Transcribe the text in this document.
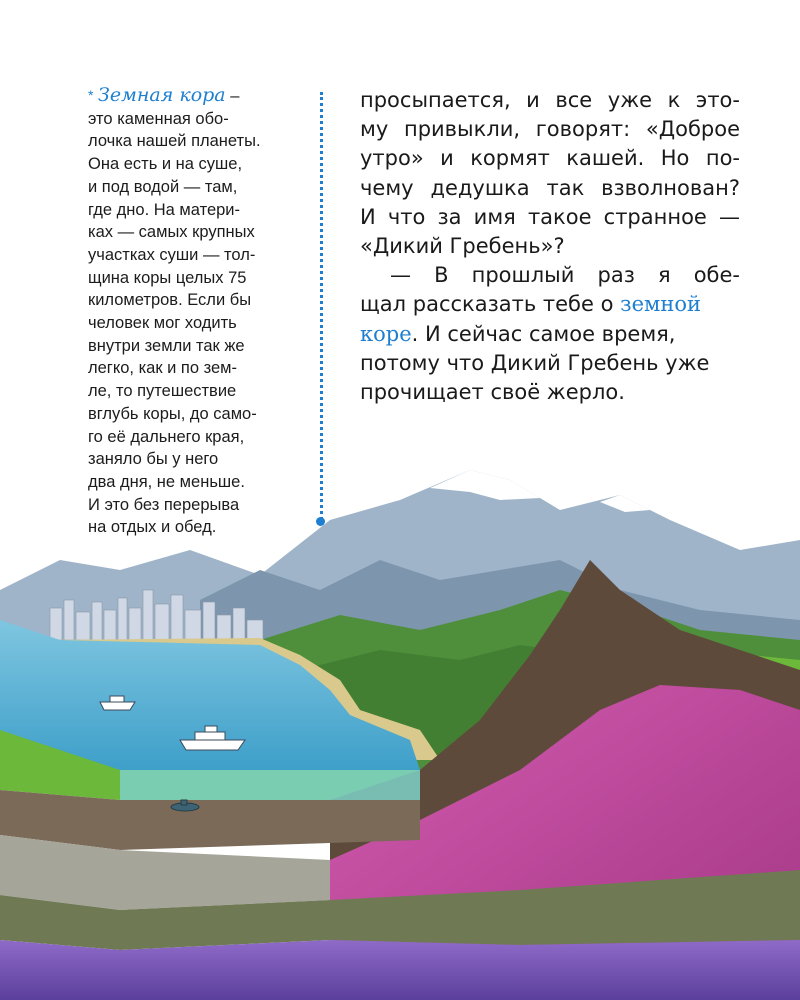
* Земная кора –
это каменная обо-
лочка нашей планеты.
Она есть и на суше,
и под водой — там,
где дно. На матери-
ках — самых крупных
участках суши — тол-
щина коры целых 75
километров. Если бы
человек мог ходить
внутри земли так же
легко, как и по зем-
ле, то путешествие
вглубь коры, до само-
го её дальнего края,
заняло бы у него
два дня, не меньше.
И это без перерыва
на отдых и обед.
просыпается, и все уже к это-
му привыкли, говорят: «Доброе
утро» и кормят кашей. Но по-
чему дедушка так взволнован?
И что за имя такое странное —
«Дикий Гребень»?
— В прошлый раз я обе-
щал рассказать тебе о земной
коре. И сейчас самое время,
потому что Дикий Гребень уже
прочищает своё жерло.
